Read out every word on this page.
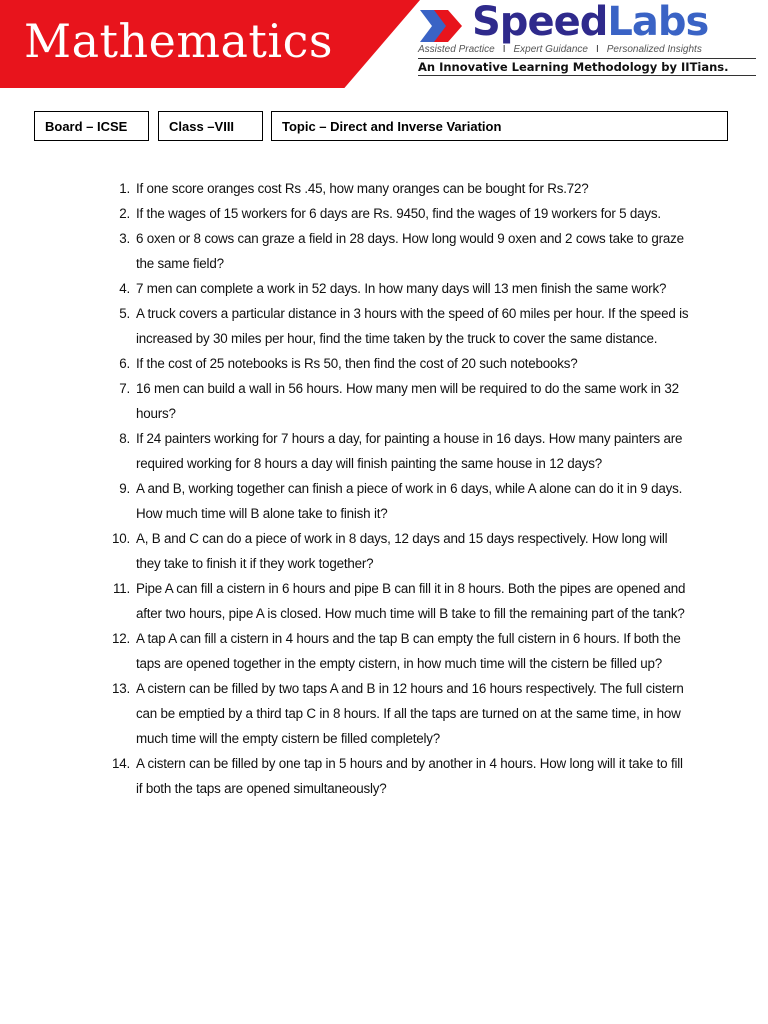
Mathematics	SpeedLabs
Assisted Practice I Expert Guidance I Personalized Insights
An Innovative Learning Methodology by IITians.
Board – ICSE	Class –VIII	Topic – Direct and Inverse Variation
1. If one score oranges cost Rs .45, how many oranges can be bought for Rs.72?
2. If the wages of 15 workers for 6 days are Rs. 9450, find the wages of 19 workers for 5 days.
3. 6 oxen or 8 cows can graze a field in 28 days. How long would 9 oxen and 2 cows take to graze the same field?
4. 7 men can complete a work in 52 days. In how many days will 13 men finish the same work?
5. A truck covers a particular distance in 3 hours with the speed of 60 miles per hour. If the speed is increased by 30 miles per hour, find the time taken by the truck to cover the same distance.
6. If the cost of 25 notebooks is Rs 50, then find the cost of 20 such notebooks?
7. 16 men can build a wall in 56 hours. How many men will be required to do the same work in 32 hours?
8. If 24 painters working for 7 hours a day, for painting a house in 16 days. How many painters are required working for 8 hours a day will finish painting the same house in 12 days?
9. A and B, working together can finish a piece of work in 6 days, while A alone can do it in 9 days. How much time will B alone take to finish it?
10. A, B and C can do a piece of work in 8 days, 12 days and 15 days respectively. How long will they take to finish it if they work together?
11. Pipe A can fill a cistern in 6 hours and pipe B can fill it in 8 hours. Both the pipes are opened and after two hours, pipe A is closed. How much time will B take to fill the remaining part of the tank?
12. A tap A can fill a cistern in 4 hours and the tap B can empty the full cistern in 6 hours. If both the taps are opened together in the empty cistern, in how much time will the cistern be filled up?
13. A cistern can be filled by two taps A and B in 12 hours and 16 hours respectively. The full cistern can be emptied by a third tap C in 8 hours. If all the taps are turned on at the same time, in how much time will the empty cistern be filled completely?
14. A cistern can be filled by one tap in 5 hours and by another in 4 hours. How long will it take to fill if both the taps are opened simultaneously?
